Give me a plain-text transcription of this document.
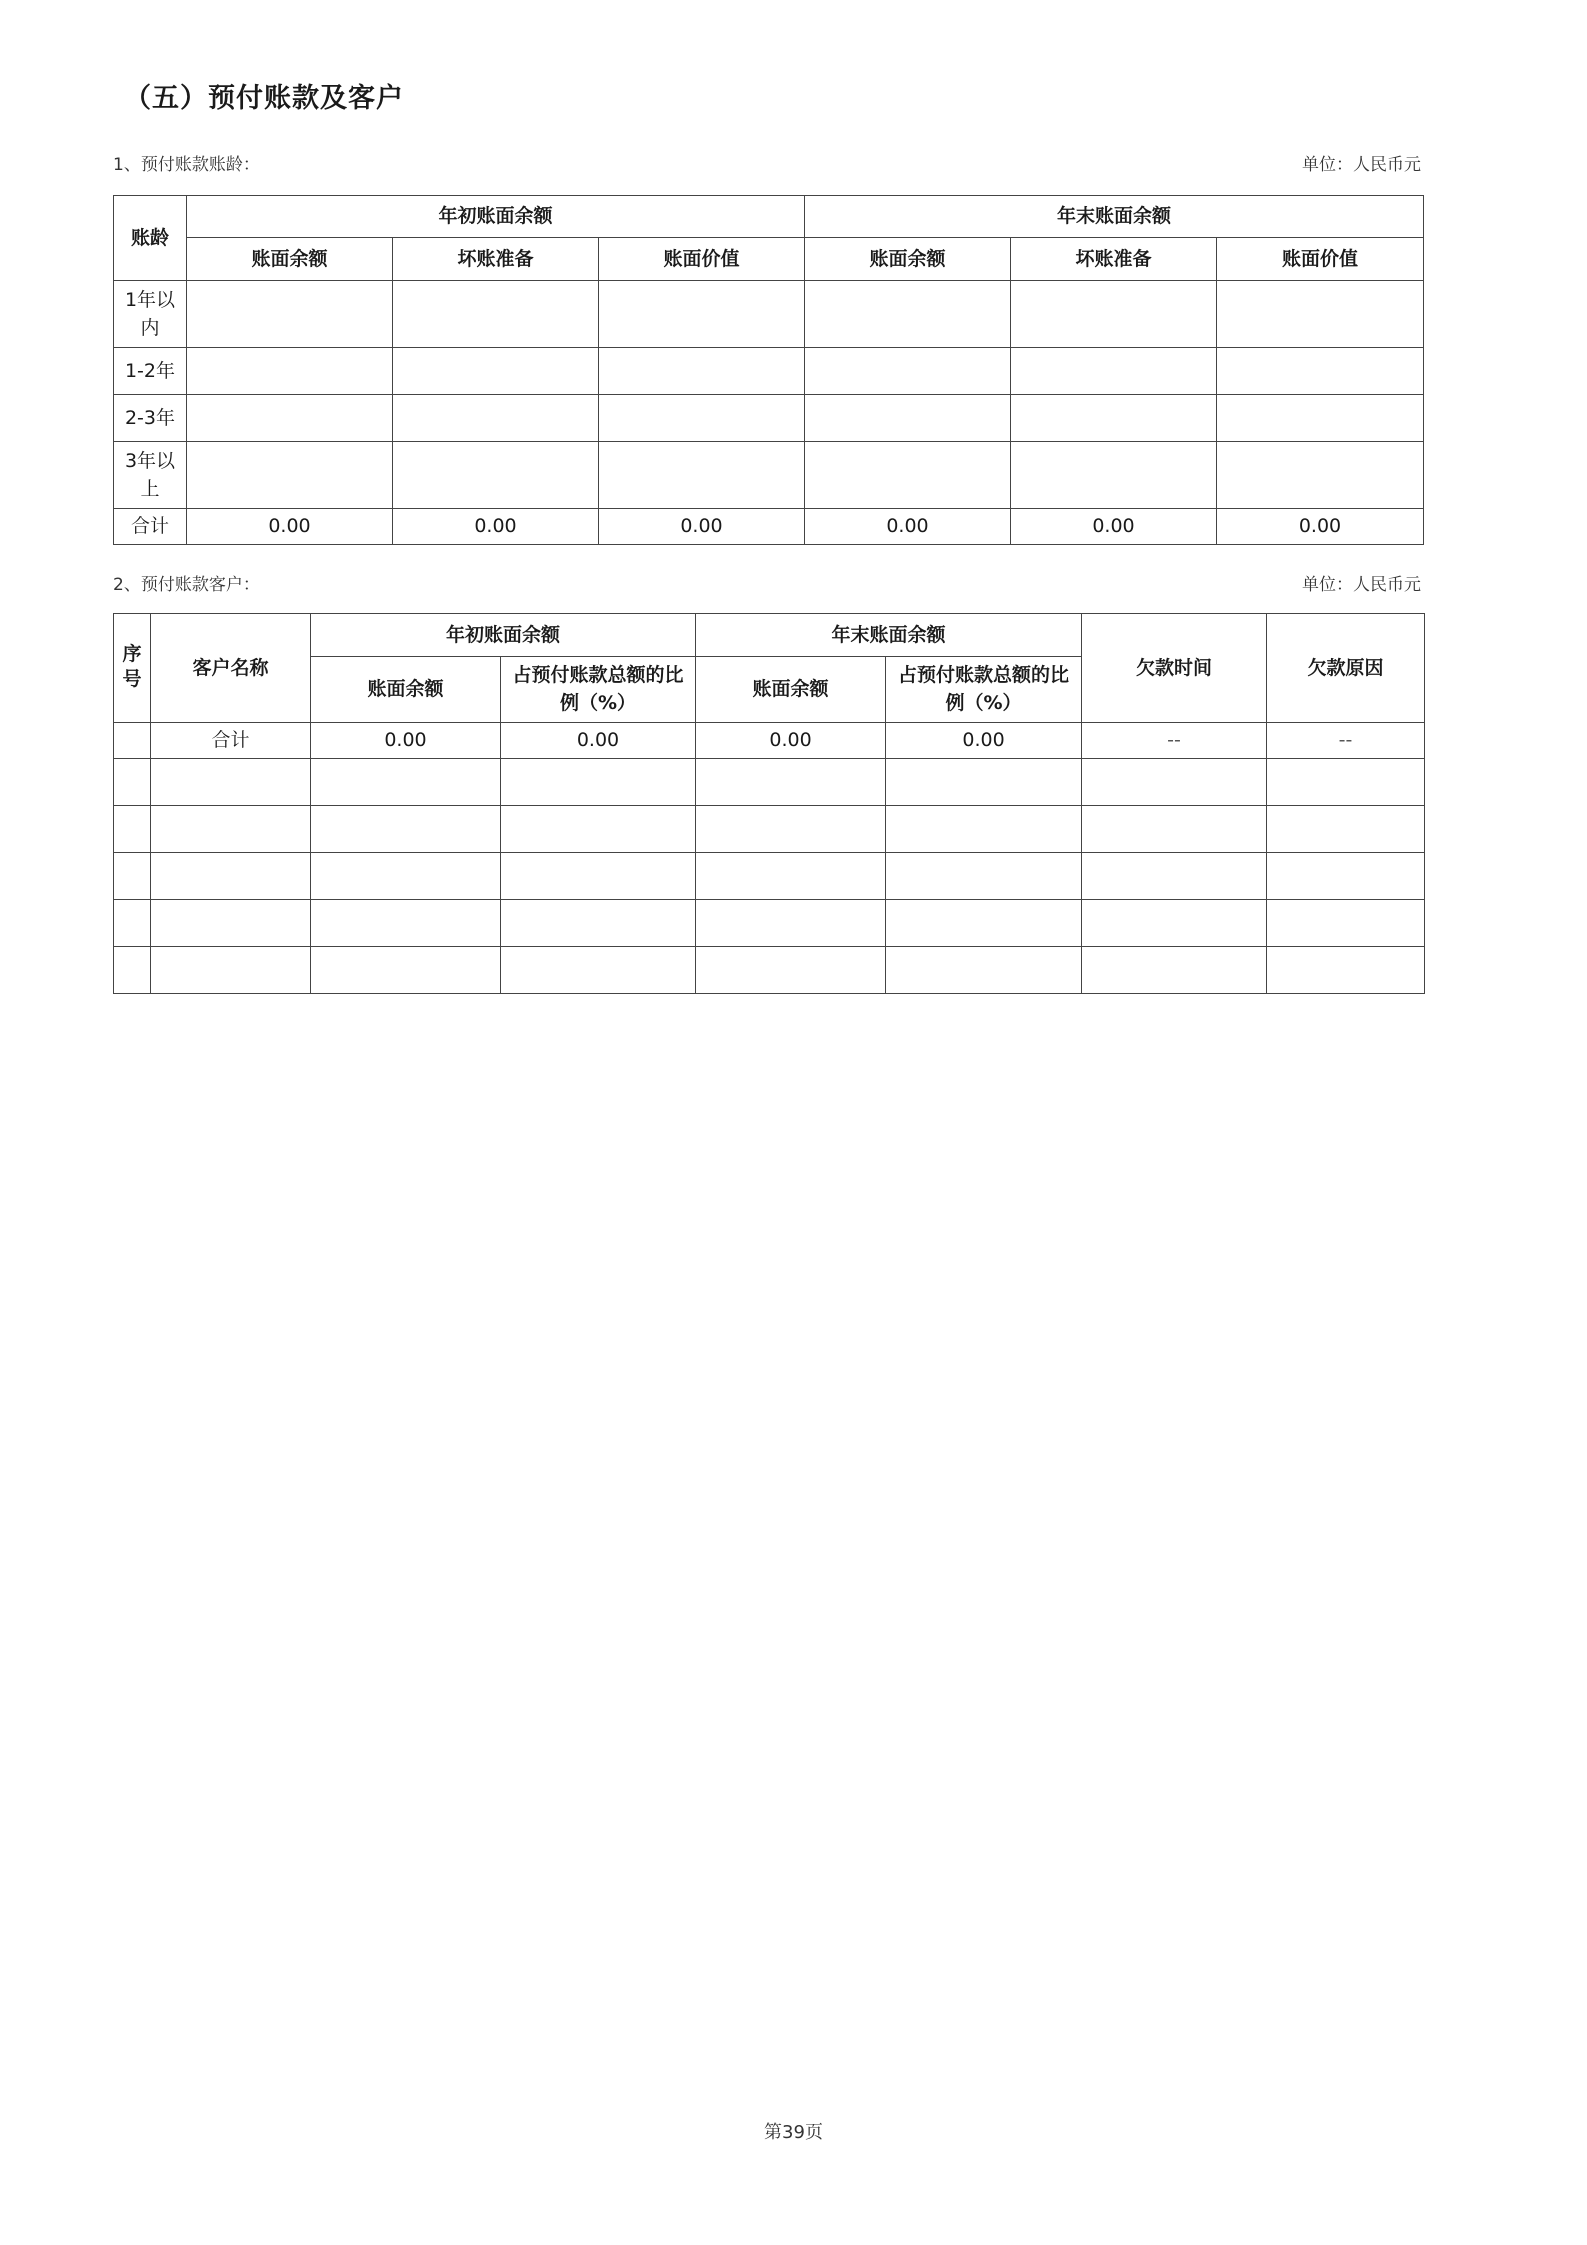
（五）预付账款及客户
1、预付账款账龄：	单位：人民币元
账龄	年初账面余额			年末账面余额		
	账面余额	坏账准备	账面价值	账面余额	坏账准备	账面价值
1年以内						
1-2年						
2-3年						
3年以上						
合计	0.00	0.00	0.00	0.00	0.00	0.00
2、预付账款客户：	单位：人民币元
序号	客户名称	年初账面余额		年末账面余额		欠款时间	欠款原因
		账面余额	占预付账款总额的比例（%）	账面余额	占预付账款总额的比例（%）		
	合计	0.00	0.00	0.00	0.00	--	--

第39页
